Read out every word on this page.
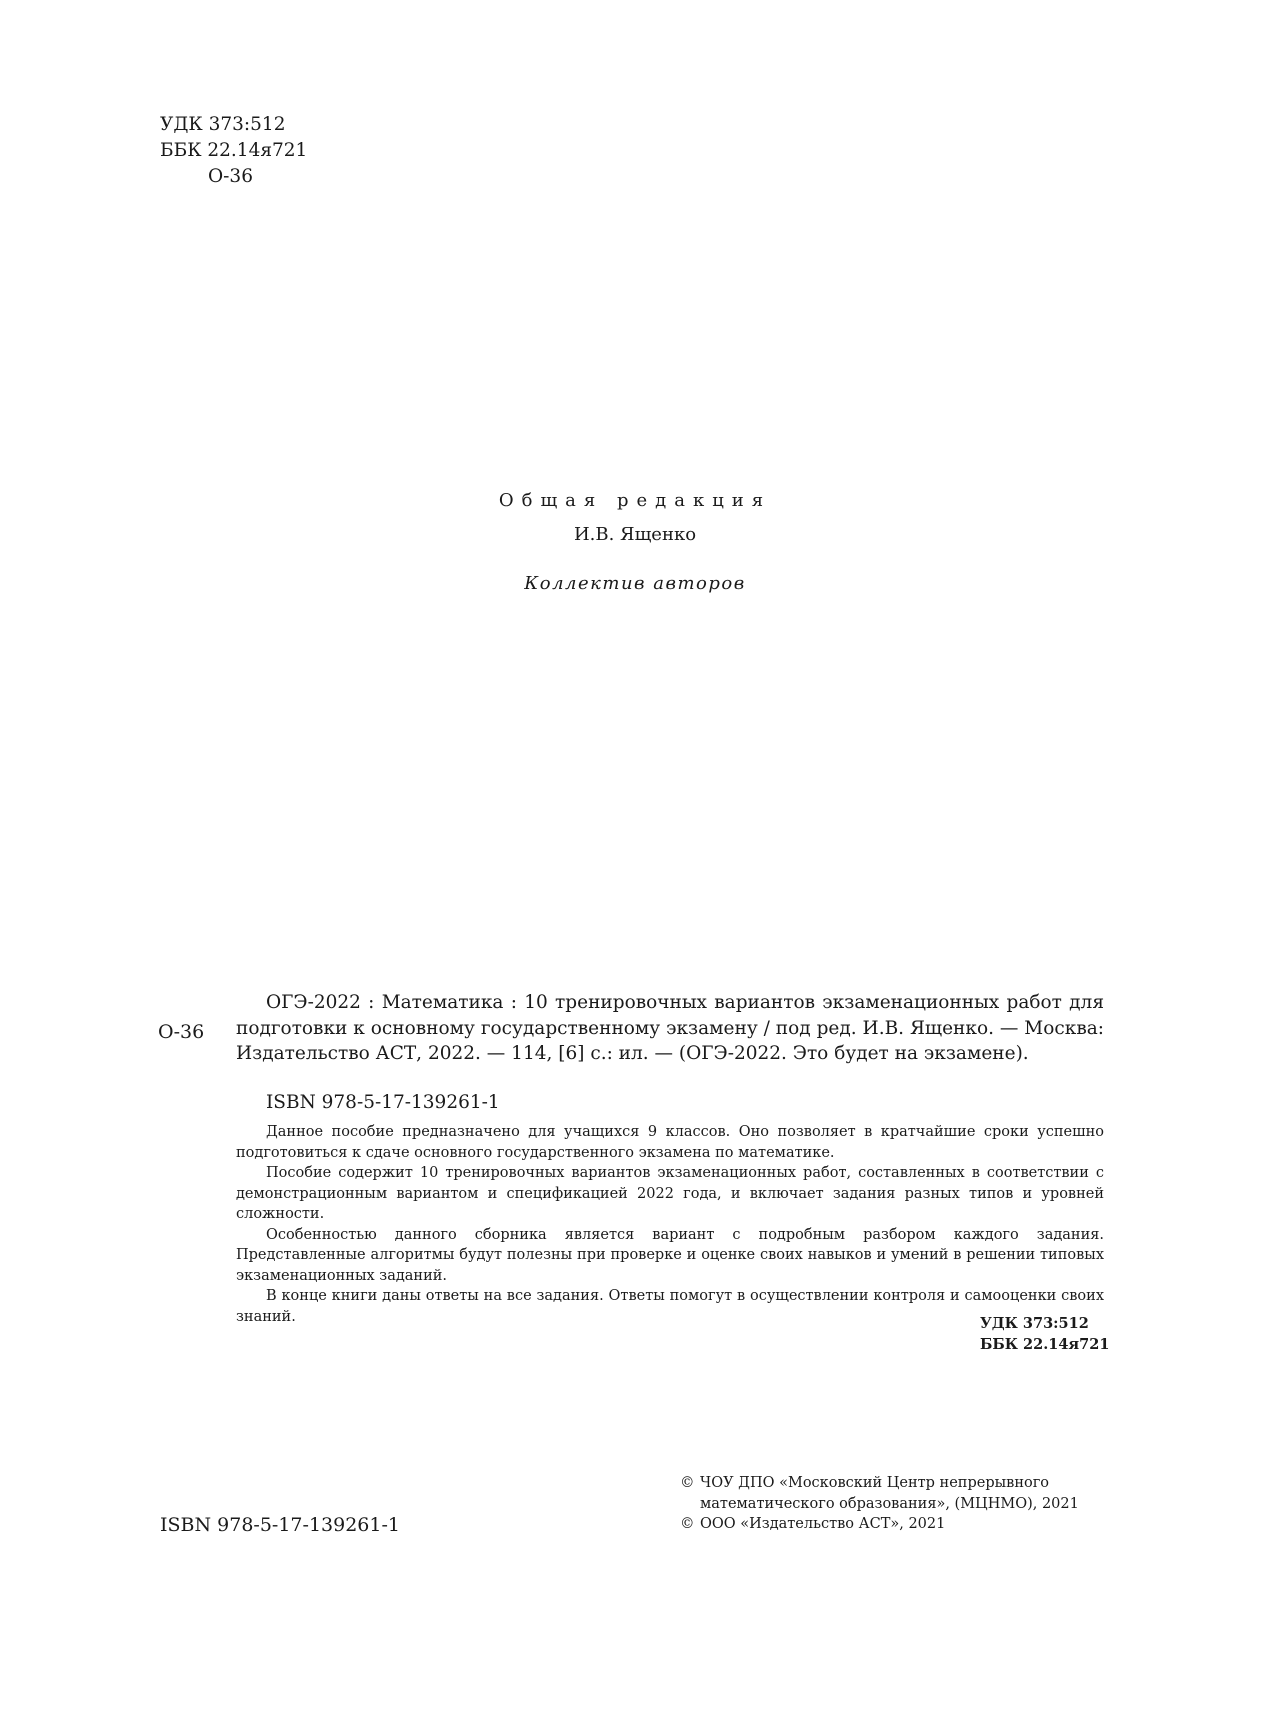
УДК 373:512
ББК 22.14я721
О-36
Общая редакция
И.В. Ященко
Коллектив авторов
О-36

ОГЭ-2022 : Математика : 10 тренировочных вариантов экзаменационных работ для подготовки к основному государственному экзамену / под ред. И.В. Ященко. — Москва: Издательство АСТ, 2022. — 114, [6] с.: ил. — (ОГЭ-2022. Это будет на экзамене).

ISBN 978-5-17-139261-1

Данное пособие предназначено для учащихся 9 классов. Оно позволяет в кратчайшие сроки успешно подготовиться к сдаче основного государственного экзамена по математике.

Пособие содержит 10 тренировочных вариантов экзаменационных работ, составленных в соответствии с демонстрационным вариантом и спецификацией 2022 года, и включает задания разных типов и уровней сложности.

Особенностью данного сборника является вариант с подробным разбором каждого задания. Представленные алгоритмы будут полезны при проверке и оценке своих навыков и умений в решении типовых экзаменационных заданий.

В конце книги даны ответы на все задания. Ответы помогут в осуществлении контроля и самооценки своих знаний.	УДК 373:512
ББК 22.14я721
ISBN 978-5-17-139261-1
© ЧОУ ДПО «Московский Центр непрерывного
математического образования», (МЦНМО), 2021
© ООО «Издательство АСТ», 2021
